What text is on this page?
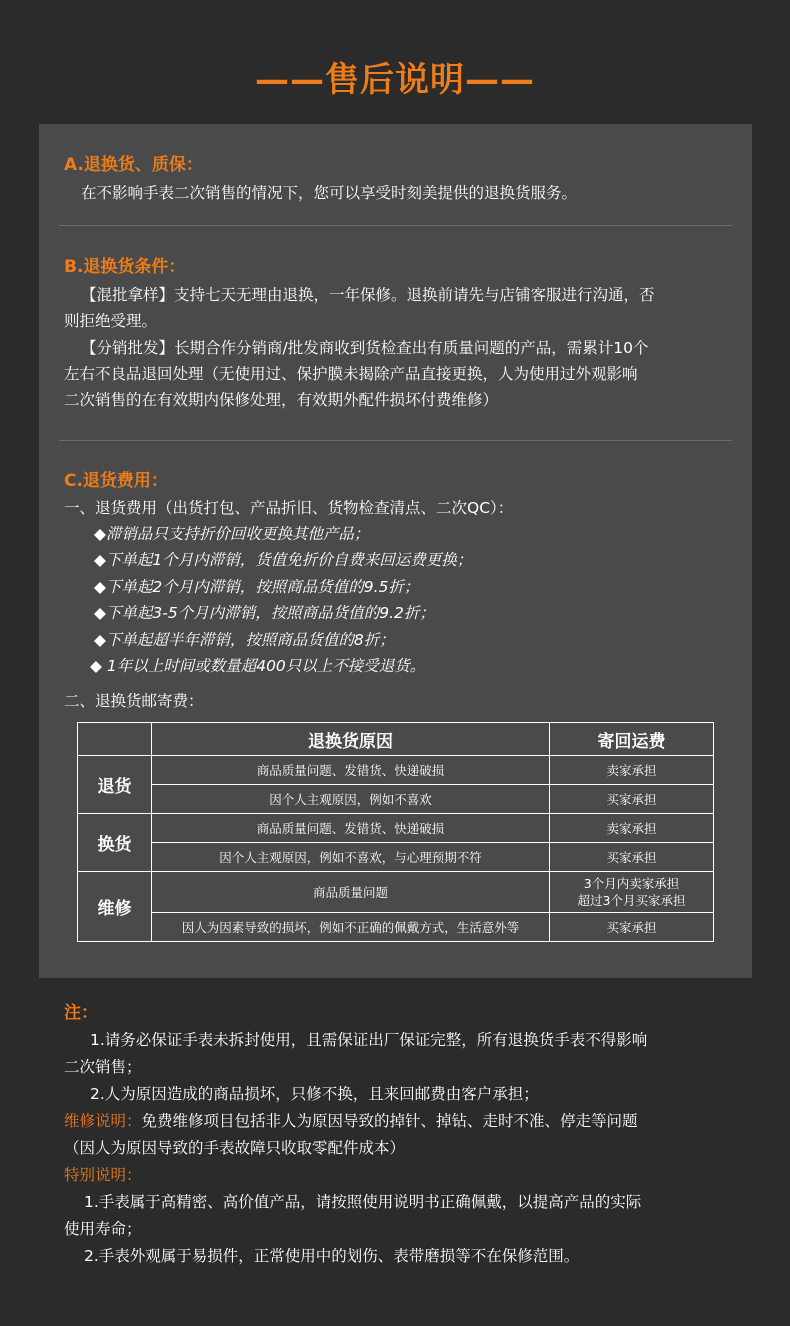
——售后说明——
A.退换货、质保：
在不影响手表二次销售的情况下，您可以享受时刻美提供的退换货服务。
B.退换货条件：
【混批拿样】支持七天无理由退换，一年保修。退换前请先与店铺客服进行沟通，否
则拒绝受理。
【分销批发】长期合作分销商/批发商收到货检查出有质量问题的产品，需累计10个
左右不良品退回处理（无使用过、保护膜未揭除产品直接更换，人为使用过外观影响
二次销售的在有效期内保修处理，有效期外配件损坏付费维修）
C.退货费用：
一、退货费用（出货打包、产品折旧、货物检查清点、二次QC）：
◆滞销品只支持折价回收更换其他产品；
◆下单起1个月内滞销，货值免折价自费来回运费更换；
◆下单起2个月内滞销，按照商品货值的9.5折；
◆下单起3-5个月内滞销，按照商品货值的9.2折；
◆下单起超半年滞销，按照商品货值的8折；
◆ 1年以上时间或数量超400只以上不接受退货。
二、退换货邮寄费：
	退换货原因	寄回运费
退货	商品质量问题、发错货、快递破损	卖家承担
	因个人主观原因，例如不喜欢	买家承担
换货	商品质量问题、发错货、快递破损	卖家承担
	因个人主观原因，例如不喜欢，与心理预期不符	买家承担
维修	商品质量问题	3个月内卖家承担
超过3个月买家承担

	因人为因素导致的损坏，例如不正确的佩戴方式，生活意外等	买家承担
注：
1.请务必保证手表未拆封使用，且需保证出厂保证完整，所有退换货手表不得影响
二次销售；
2.人为原因造成的商品损坏，只修不换，且来回邮费由客户承担；
维修说明：免费维修项目包括非人为原因导致的掉针、掉钻、走时不准、停走等问题
（因人为原因导致的手表故障只收取零配件成本）
特别说明：
1.手表属于高精密、高价值产品，请按照使用说明书正确佩戴，以提高产品的实际
使用寿命；
2.手表外观属于易损件，正常使用中的划伤、表带磨损等不在保修范围。
